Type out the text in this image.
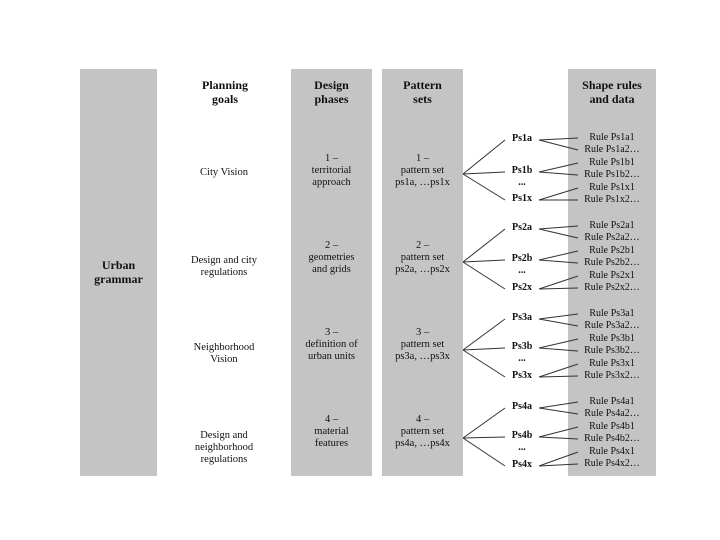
Planning
goals
Design
phases
Pattern
sets
Shape rules
and data
Urban
grammar
City Vision
1 –
territorial
approach
1 –
pattern set
ps1a, …ps1x
Design and city
regulations
2 –
geometries
and grids
2 –
pattern set
ps2a, …ps2x
Neighborhood
Vision
3 –
definition of
urban units
3 –
pattern set
ps3a, …ps3x
Design and
neighborhood
regulations
4 –
material
features
4 –
pattern set
ps4a, …ps4x
Ps1a
Ps1b
...
Ps1x
Ps2a
Ps2b
...
Ps2x
Ps3a
Ps3b
...
Ps3x
Ps4a
Ps4b
...
Ps4x
Rule Ps1a1
Rule Ps1a2…
Rule Ps1b1
Rule Ps1b2…
Rule Ps1x1
Rule Ps1x2…
Rule Ps2a1
Rule Ps2a2…
Rule Ps2b1
Rule Ps2b2…
Rule Ps2x1
Rule Ps2x2…
Rule Ps3a1
Rule Ps3a2…
Rule Ps3b1
Rule Ps3b2…
Rule Ps3x1
Rule Ps3x2…
Rule Ps4a1
Rule Ps4a2…
Rule Ps4b1
Rule Ps4b2…
Rule Ps4x1
Rule Ps4x2…
